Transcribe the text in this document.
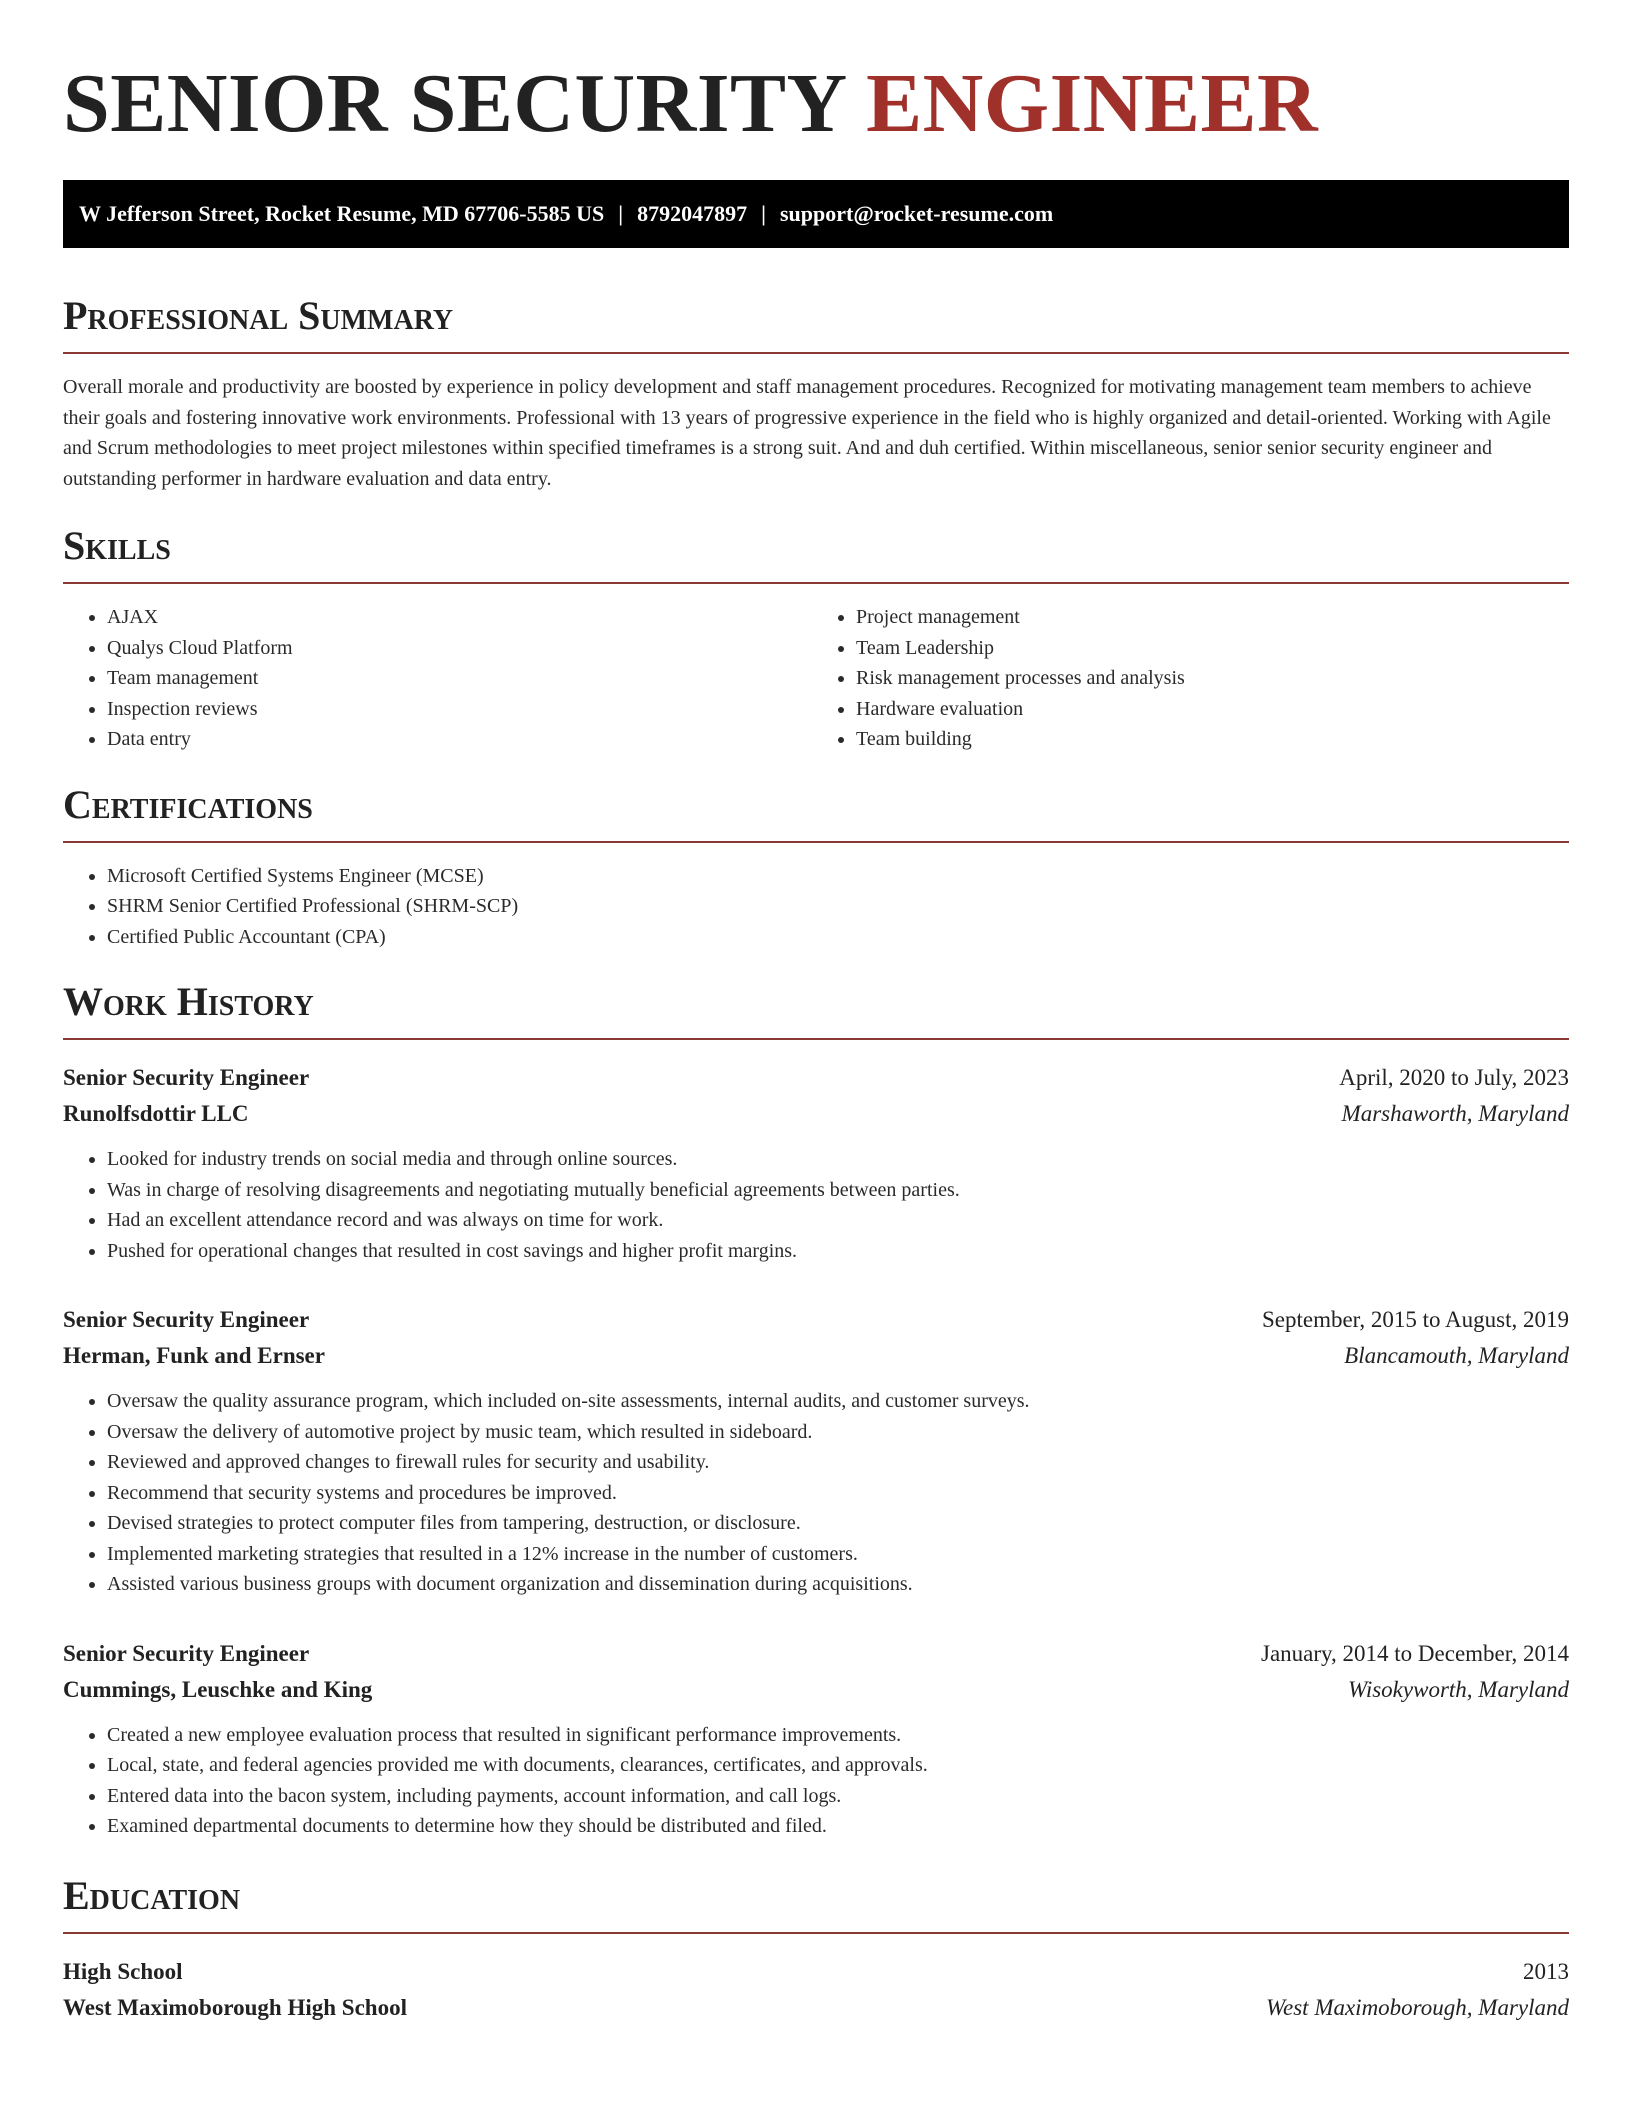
SENIOR SECURITY ENGINEER
W Jefferson Street, Rocket Resume, MD 67706-5585 US | 8792047897 | support@rocket-resume.com
Professional Summary

Overall morale and productivity are boosted by experience in policy development and staff management procedures. Recognized for motivating management team members to achieve their goals and fostering innovative work environments. Professional with 13 years of progressive experience in the field who is highly organized and detail-oriented. Working with Agile and Scrum methodologies to meet project milestones within specified timeframes is a strong suit. And and duh certified. Within miscellaneous, senior senior security engineer and outstanding performer in hardware evaluation and data entry.

Skills
• AJAX
• Qualys Cloud Platform
• Team management
• Inspection reviews
• Data entry
• Project management
• Team Leadership
• Risk management processes and analysis
• Hardware evaluation
• Team building
Certifications
• Microsoft Certified Systems Engineer (MCSE)
• SHRM Senior Certified Professional (SHRM-SCP)
• Certified Public Accountant (CPA)
Work History
Senior Security Engineer	April, 2020 to July, 2023
Runolfsdottir LLC	Marshaworth, Maryland
• Looked for industry trends on social media and through online sources.
• Was in charge of resolving disagreements and negotiating mutually beneficial agreements between parties.
• Had an excellent attendance record and was always on time for work.
• Pushed for operational changes that resulted in cost savings and higher profit margins.
Senior Security Engineer	September, 2015 to August, 2019
Herman, Funk and Ernser	Blancamouth, Maryland
• Oversaw the quality assurance program, which included on-site assessments, internal audits, and customer surveys.
• Oversaw the delivery of automotive project by music team, which resulted in sideboard.
• Reviewed and approved changes to firewall rules for security and usability.
• Recommend that security systems and procedures be improved.
• Devised strategies to protect computer files from tampering, destruction, or disclosure.
• Implemented marketing strategies that resulted in a 12% increase in the number of customers.
• Assisted various business groups with document organization and dissemination during acquisitions.
Senior Security Engineer	January, 2014 to December, 2014
Cummings, Leuschke and King	Wisokyworth, Maryland
• Created a new employee evaluation process that resulted in significant performance improvements.
• Local, state, and federal agencies provided me with documents, clearances, certificates, and approvals.
• Entered data into the bacon system, including payments, account information, and call logs.
• Examined departmental documents to determine how they should be distributed and filed.
Education
High School	2013
West Maximoborough High School	West Maximoborough, Maryland
